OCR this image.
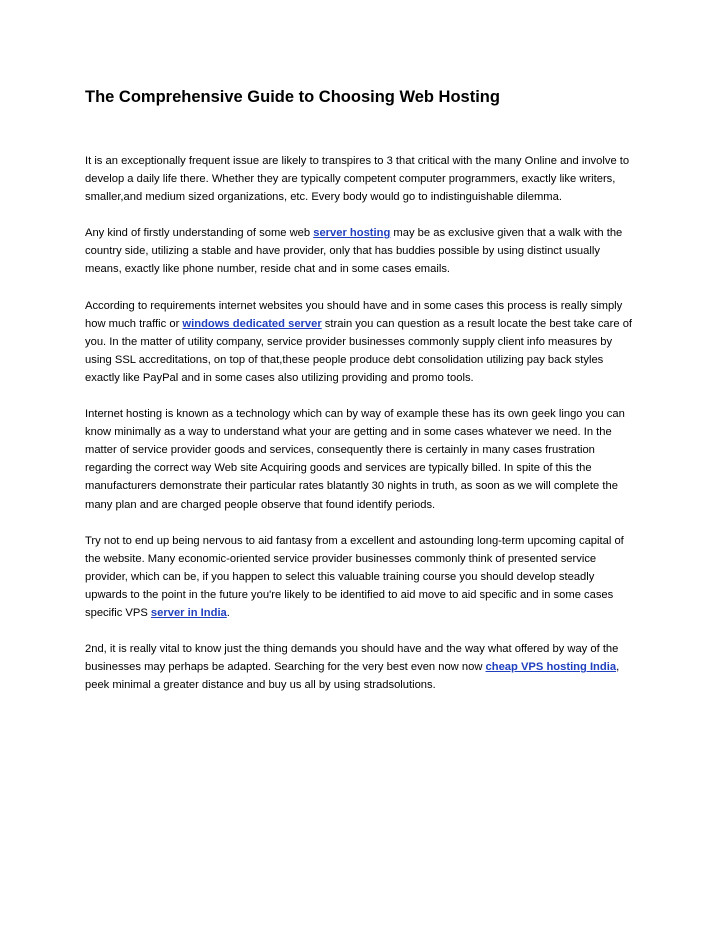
The Comprehensive Guide to Choosing Web Hosting

It is an exceptionally frequent issue are likely to transpires to 3 that critical with the many Online and involve to develop a daily life there. Whether they are typically competent computer programmers, exactly like writers, smaller,and medium sized organizations, etc. Every body would go to indistinguishable dilemma.

Any kind of firstly understanding of some web server hosting may be as exclusive given that a walk with the country side, utilizing a stable and have provider, only that has buddies possible by using distinct usually means, exactly like phone number, reside chat and in some cases emails.

According to requirements internet websites you should have and in some cases this process is really simply how much traffic or windows dedicated server strain you can question as a result locate the best take care of you. In the matter of utility company, service provider businesses commonly supply client info measures by using SSL accreditations, on top of that,these people produce debt consolidation utilizing pay back styles exactly like PayPal and in some cases also utilizing providing and promo tools.

Internet hosting is known as a technology which can by way of example these has its own geek lingo you can know minimally as a way to understand what your are getting and in some cases whatever we need. In the matter of service provider goods and services, consequently there is certainly in many cases frustration regarding the correct way Web site Acquiring goods and services are typically billed. In spite of this the manufacturers demonstrate their particular rates blatantly 30 nights in truth, as soon as we will complete the many plan and are charged people observe that found identify periods.

Try not to end up being nervous to aid fantasy from a excellent and astounding long-term upcoming capital of the website. Many economic-oriented service provider businesses commonly think of presented service provider, which can be, if you happen to select this valuable training course you should develop steadly upwards to the point in the future you're likely to be identified to aid move to aid specific and in some cases specific VPS server in India.

2nd, it is really vital to know just the thing demands you should have and the way what offered by way of the businesses may perhaps be adapted. Searching for the very best even now now cheap VPS hosting India, peek minimal a greater distance and buy us all by using stradsolutions.
